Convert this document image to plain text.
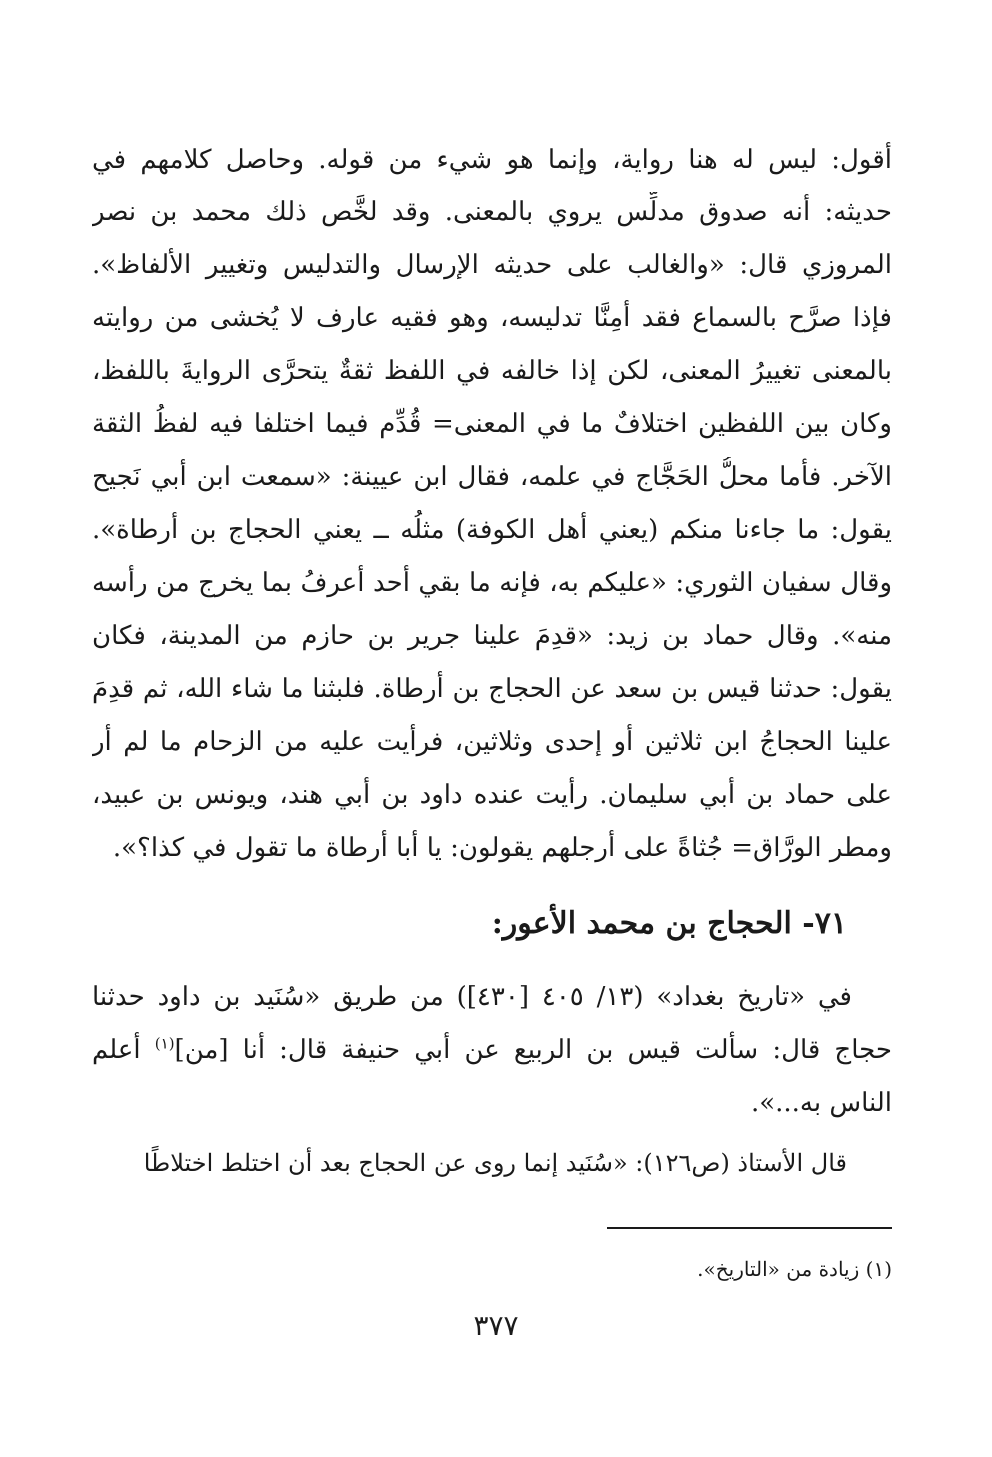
أقول: ليس له هنا رواية، وإنما هو شيء من قوله. وحاصل كلامهم في
حديثه: أنه صدوق مدلِّس يروي بالمعنى. وقد لخَّص ذلك محمد بن نصر
المروزي قال: «والغالب على حديثه الإرسال والتدليس وتغيير الألفاظ».
فإذا صرَّح بالسماع فقد أمِنَّا تدليسه، وهو فقيه عارف لا يُخشى من روايته
بالمعنى تغييرُ المعنى، لكن إذا خالفه في اللفظ ثقةٌ يتحرَّى الروايةَ باللفظ،
وكان بين اللفظين اختلافٌ ما في المعنى= قُدِّم فيما اختلفا فيه لفظُ الثقة
الآخر. فأما محلُّ الحَجَّاج في علمه، فقال ابن عيينة: «سمعت ابن أبي نَجيح
يقول: ما جاءنا منكم (يعني أهل الكوفة) مثلُه ــ يعني الحجاج بن أرطاة».
وقال سفيان الثوري: «عليكم به، فإنه ما بقي أحد أعرفُ بما يخرج من رأسه
منه». وقال حماد بن زيد: «قدِمَ علينا جرير بن حازم من المدينة، فكان
يقول: حدثنا قيس بن سعد عن الحجاج بن أرطاة. فلبثنا ما شاء الله، ثم قدِمَ
علينا الحجاجُ ابن ثلاثين أو إحدى وثلاثين، فرأيت عليه من الزحام ما لم أر
على حماد بن أبي سليمان. رأيت عنده داود بن أبي هند، ويونس بن عبيد،
ومطر الورَّاق= جُثاةً على أرجلهم يقولون: يا أبا أرطاة ما تقول في كذا؟».
٧١- الحجاج بن محمد الأعور:
في «تاريخ بغداد» (١٣/ ٤٠٥ [٤٣٠]) من طريق «سُنَيد بن داود حدثنا
حجاج قال: سألت قيس بن الربيع عن أبي حنيفة قال: أنا [من]$^{(١)}$ أعلم
الناس به...».
قال الأستاذ (ص١٢٦): «سُنَيد إنما روى عن الحجاج بعد أن اختلط اختلاطًا
(١) زيادة من «التاريخ».
٣٧٧
